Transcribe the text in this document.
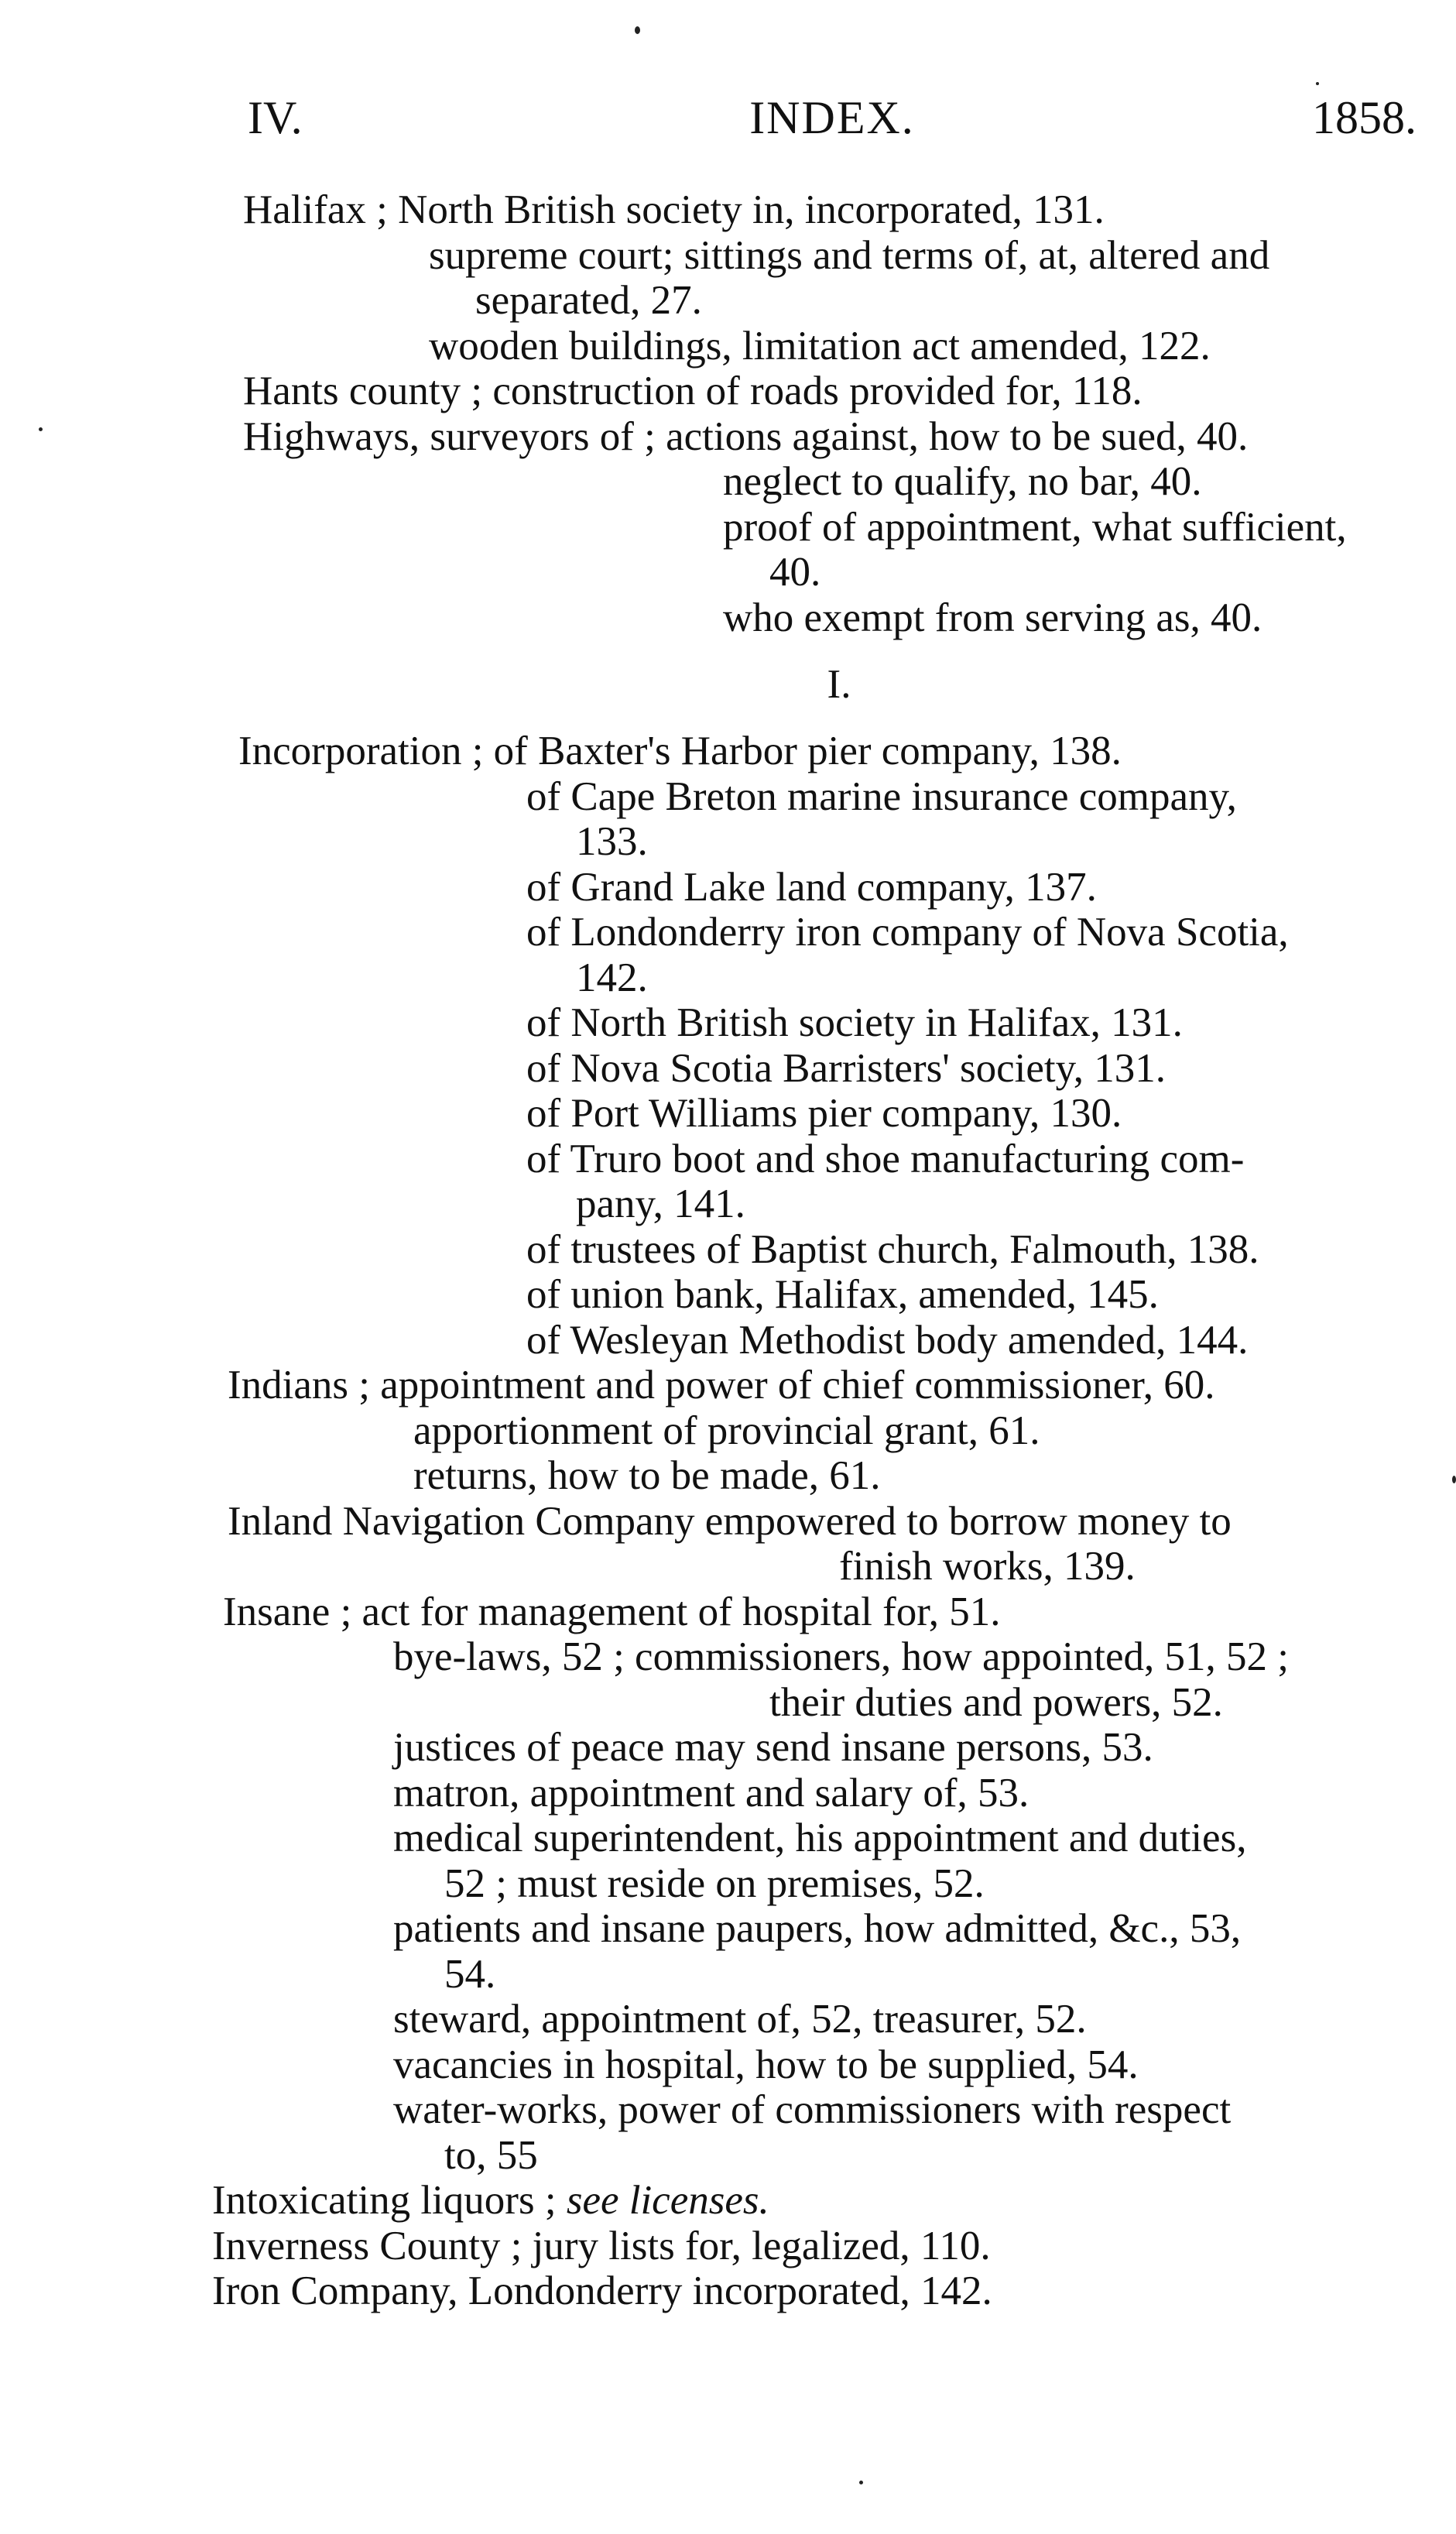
IV.	INDEX.	1858.
Halifax ; North British society in, incorporated, 131.
supreme court; sittings and terms of, at, altered and
separated, 27.
wooden buildings, limitation act amended, 122.
Hants county ; construction of roads provided for, 118.
Highways, surveyors of ; actions against, how to be sued, 40.
neglect to qualify, no bar, 40.
proof of appointment, what sufficient,
40.
who exempt from serving as, 40.
I.
Incorporation ; of Baxter's Harbor pier company, 138.
of Cape Breton marine insurance company,
133.
of Grand Lake land company, 137.
of Londonderry iron company of Nova Scotia,
142.
of North British society in Halifax, 131.
of Nova Scotia Barristers' society, 131.
of Port Williams pier company, 130.
of Truro boot and shoe manufacturing com-
pany, 141.
of trustees of Baptist church, Falmouth, 138.
of union bank, Halifax, amended, 145.
of Wesleyan Methodist body amended, 144.
Indians ; appointment and power of chief commissioner, 60.
apportionment of provincial grant, 61.
returns, how to be made, 61.
Inland Navigation Company empowered to borrow money to
finish works, 139.
Insane ; act for management of hospital for, 51.
bye-laws, 52 ; commissioners, how appointed, 51, 52 ;
their duties and powers, 52.
justices of peace may send insane persons, 53.
matron, appointment and salary of, 53.
medical superintendent, his appointment and duties,
52 ; must reside on premises, 52.
patients and insane paupers, how admitted, &c., 53,
54.
steward, appointment of, 52, treasurer, 52.
vacancies in hospital, how to be supplied, 54.
water-works, power of commissioners with respect
to, 55
Intoxicating liquors ; see licenses.
Inverness County ; jury lists for, legalized, 110.
Iron Company, Londonderry incorporated, 142.
